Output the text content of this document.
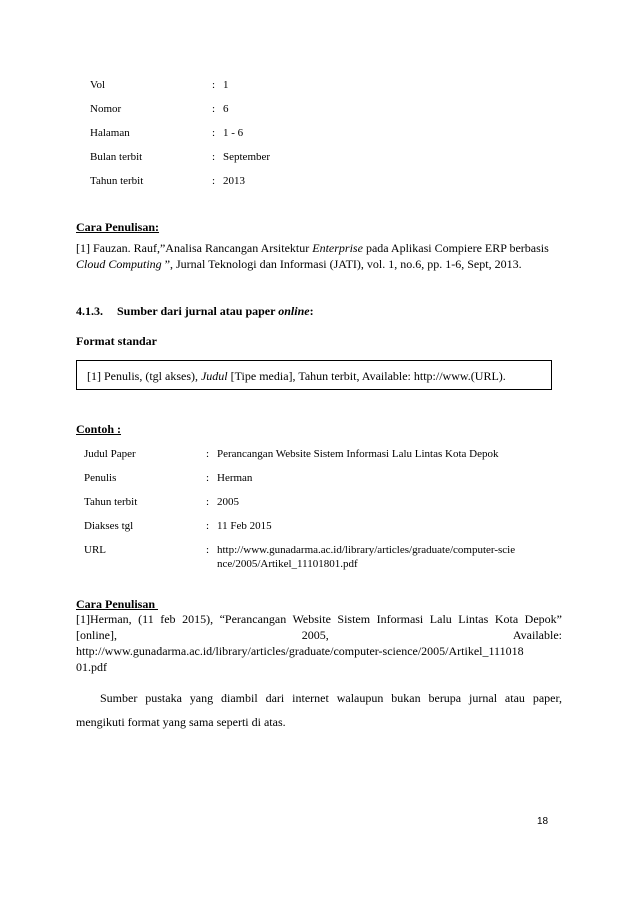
Vol	: 1
Nomor	: 6
Halaman	: 1 - 6
Bulan terbit	: September
Tahun terbit	: 2013
Cara Penulisan:
[1] Fauzan. Rauf,”Analisa Rancangan Arsitektur Enterprise pada Aplikasi Compiere ERP berbasis Cloud Computing ”, Jurnal Teknologi dan Informasi (JATI), vol. 1, no.6, pp. 1-6, Sept, 2013.
4.1.3. Sumber dari jurnal atau paper online:
Format standar
[1] Penulis, (tgl akses), Judul [Tipe media], Tahun terbit, Available: http://www.(URL).
Contoh :
Judul Paper	: Perancangan Website Sistem Informasi Lalu Lintas Kota Depok
Penulis	: Herman
Tahun terbit	: 2005
Diakses tgl	: 11 Feb 2015
URL	: http://www.gunadarma.ac.id/library/articles/graduate/computer-scie
nce/2005/Artikel_11101801.pdf
Cara Penulisan
[1]Herman, (11 feb 2015), “Perancangan Website Sistem Informasi Lalu Lintas Kota Depok”
[online], 2005, Available:
http://www.gunadarma.ac.id/library/articles/graduate/computer-science/2005/Artikel_111018
01.pdf
Sumber pustaka yang diambil dari internet walaupun bukan berupa jurnal atau paper,
mengikuti format yang sama seperti di atas.
18
